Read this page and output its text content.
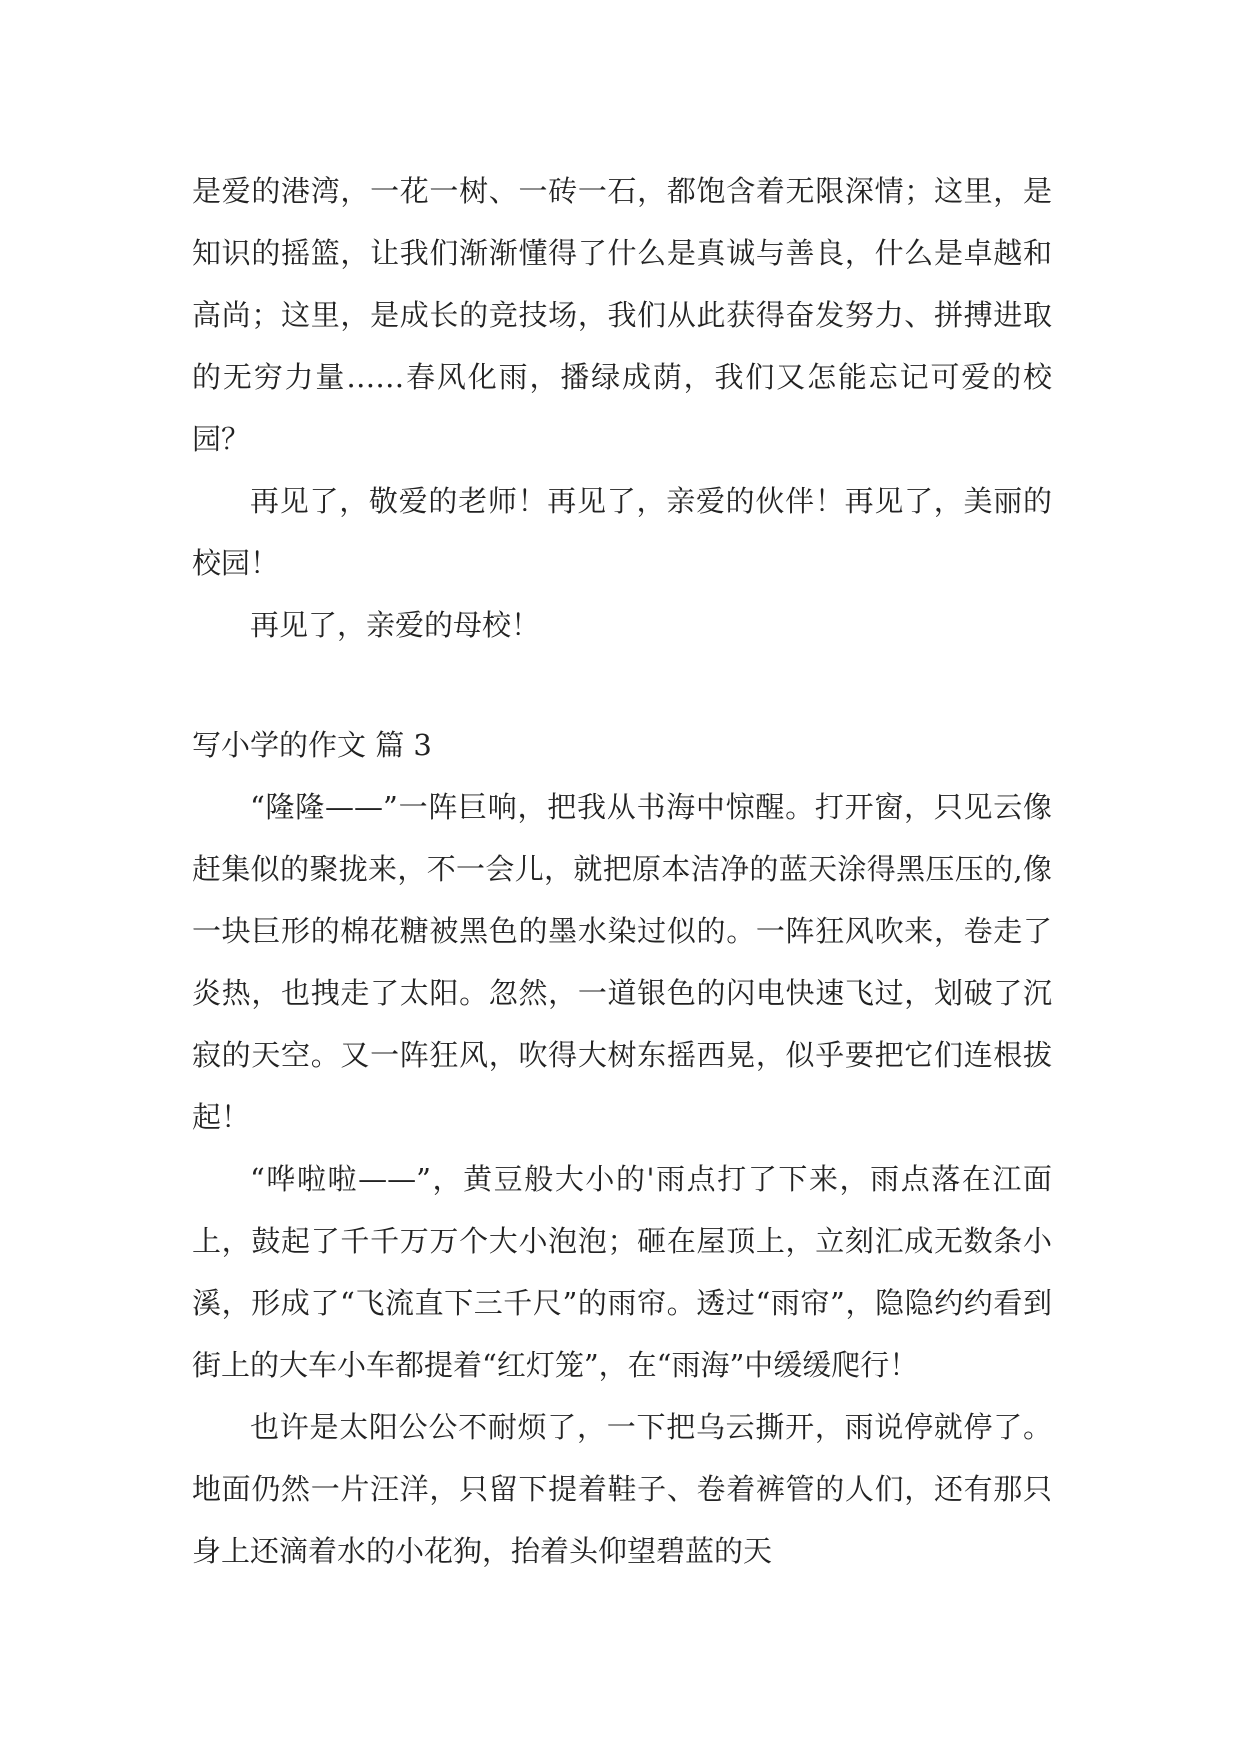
是爱的港湾，一花一树、一砖一石，都饱含着无限深情；这里，是知识的摇篮，让我们渐渐懂得了什么是真诚与善良，什么是卓越和高尚；这里，是成长的竞技场，我们从此获得奋发努力、拼搏进取的无穷力量……春风化雨，播绿成荫，我们又怎能忘记可爱的校园？

再见了，敬爱的老师！再见了，亲爱的伙伴！再见了，美丽的校园！

再见了，亲爱的母校！

写小学的作文 篇 3

“隆隆——”一阵巨响，把我从书海中惊醒。打开窗，只见云像赶集似的聚拢来，不一会儿，就把原本洁净的蓝天涂得黑压压的,像一块巨形的棉花糖被黑色的墨水染过似的。一阵狂风吹来，卷走了炎热，也拽走了太阳。忽然，一道银色的闪电快速飞过，划破了沉寂的天空。又一阵狂风，吹得大树东摇西晃，似乎要把它们连根拔起！

“哗啦啦——”，黄豆般大小的'雨点打了下来，雨点落在江面上，鼓起了千千万万个大小泡泡；砸在屋顶上，立刻汇成无数条小溪，形成了“飞流直下三千尺”的雨帘。透过“雨帘”，隐隐约约看到街上的大车小车都提着“红灯笼”，在“雨海”中缓缓爬行！

也许是太阳公公不耐烦了，一下把乌云撕开，雨说停就停了。地面仍然一片汪洋，只留下提着鞋子、卷着裤管的人们，还有那只身上还滴着水的小花狗，抬着头仰望碧蓝的天
